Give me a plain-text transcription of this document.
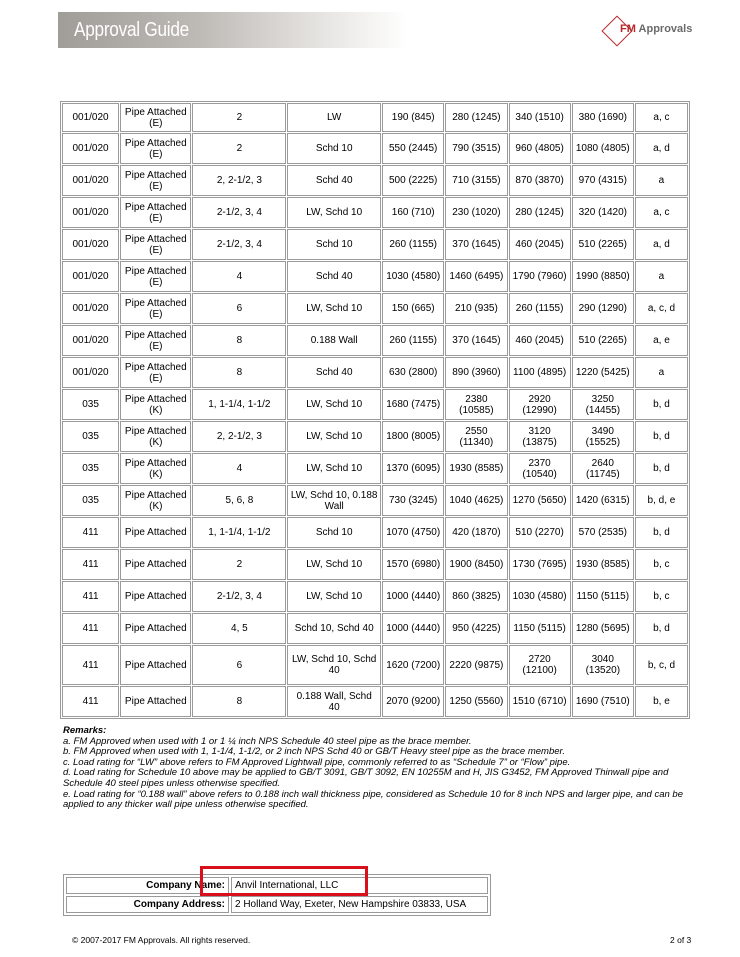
Approval Guide	FM Approvals
001/020	Pipe Attached (E)	2	LW	190 (845)	280 (1245)	340 (1510)	380 (1690)	a, c
001/020	Pipe Attached (E)	2	Schd 10	550 (2445)	790 (3515)	960 (4805)	1080 (4805)	a, d
001/020	Pipe Attached (E)	2, 2-1/2, 3	Schd 40	500 (2225)	710 (3155)	870 (3870)	970 (4315)	a
001/020	Pipe Attached (E)	2-1/2, 3, 4	LW, Schd 10	160 (710)	230 (1020)	280 (1245)	320 (1420)	a, c
001/020	Pipe Attached (E)	2-1/2, 3, 4	Schd 10	260 (1155)	370 (1645)	460 (2045)	510 (2265)	a, d
001/020	Pipe Attached (E)	4	Schd 40	1030 (4580)	1460 (6495)	1790 (7960)	1990 (8850)	a
001/020	Pipe Attached (E)	6	LW, Schd 10	150 (665)	210 (935)	260 (1155)	290 (1290)	a, c, d
001/020	Pipe Attached (E)	8	0.188 Wall	260 (1155)	370 (1645)	460 (2045)	510 (2265)	a, e
001/020	Pipe Attached (E)	8	Schd 40	630 (2800)	890 (3960)	1100 (4895)	1220 (5425)	a
035	Pipe Attached (K)	1, 1-1/4, 1-1/2	LW, Schd 10	1680 (7475)	2380 (10585)	2920 (12990)	3250 (14455)	b, d
035	Pipe Attached (K)	2, 2-1/2, 3	LW, Schd 10	1800 (8005)	2550 (11340)	3120 (13875)	3490 (15525)	b, d
035	Pipe Attached (K)	4	LW, Schd 10	1370 (6095)	1930 (8585)	2370 (10540)	2640 (11745)	b, d
035	Pipe Attached (K)	5, 6, 8	LW, Schd 10, 0.188 Wall	730 (3245)	1040 (4625)	1270 (5650)	1420 (6315)	b, d, e
411	Pipe Attached	1, 1-1/4, 1-1/2	Schd 10	1070 (4750)	420 (1870)	510 (2270)	570 (2535)	b, d
411	Pipe Attached	2	LW, Schd 10	1570 (6980)	1900 (8450)	1730 (7695)	1930 (8585)	b, c
411	Pipe Attached	2-1/2, 3, 4	LW, Schd 10	1000 (4440)	860 (3825)	1030 (4580)	1150 (5115)	b, c
411	Pipe Attached	4, 5	Schd 10, Schd 40	1000 (4440)	950 (4225)	1150 (5115)	1280 (5695)	b, d
411	Pipe Attached	6	LW, Schd 10, Schd 40	1620 (7200)	2220 (9875)	2720 (12100)	3040 (13520)	b, c, d
411	Pipe Attached	8	0.188 Wall, Schd 40	2070 (9200)	1250 (5560)	1510 (6710)	1690 (7510)	b, e
Remarks:
a. FM Approved when used with 1 or 1 ¼ inch NPS Schedule 40 steel pipe as the brace member.
b. FM Approved when used with 1, 1-1/4, 1-1/2, or 2 inch NPS Schd 40 or GB/T Heavy steel pipe as the brace member.
c. Load rating for “LW” above refers to FM Approved Lightwall pipe, commonly referred to as “Schedule 7” or “Flow” pipe.
d. Load rating for Schedule 10 above may be applied to GB/T 3091, GB/T 3092, EN 10255M and H, JIS G3452, FM Approved Thinwall pipe and Schedule 40 steel pipes unless otherwise specified.
e. Load rating for “0.188 wall” above refers to 0.188 inch wall thickness pipe, considered as Schedule 10 for 8 inch NPS and larger pipe, and can be applied to any thicker wall pipe unless otherwise specified.
Company Name:	Anvil International, LLC
Company Address:	2 Holland Way, Exeter, New Hampshire 03833, USA
© 2007-2017 FM Approvals. All rights reserved.	2 of 3
